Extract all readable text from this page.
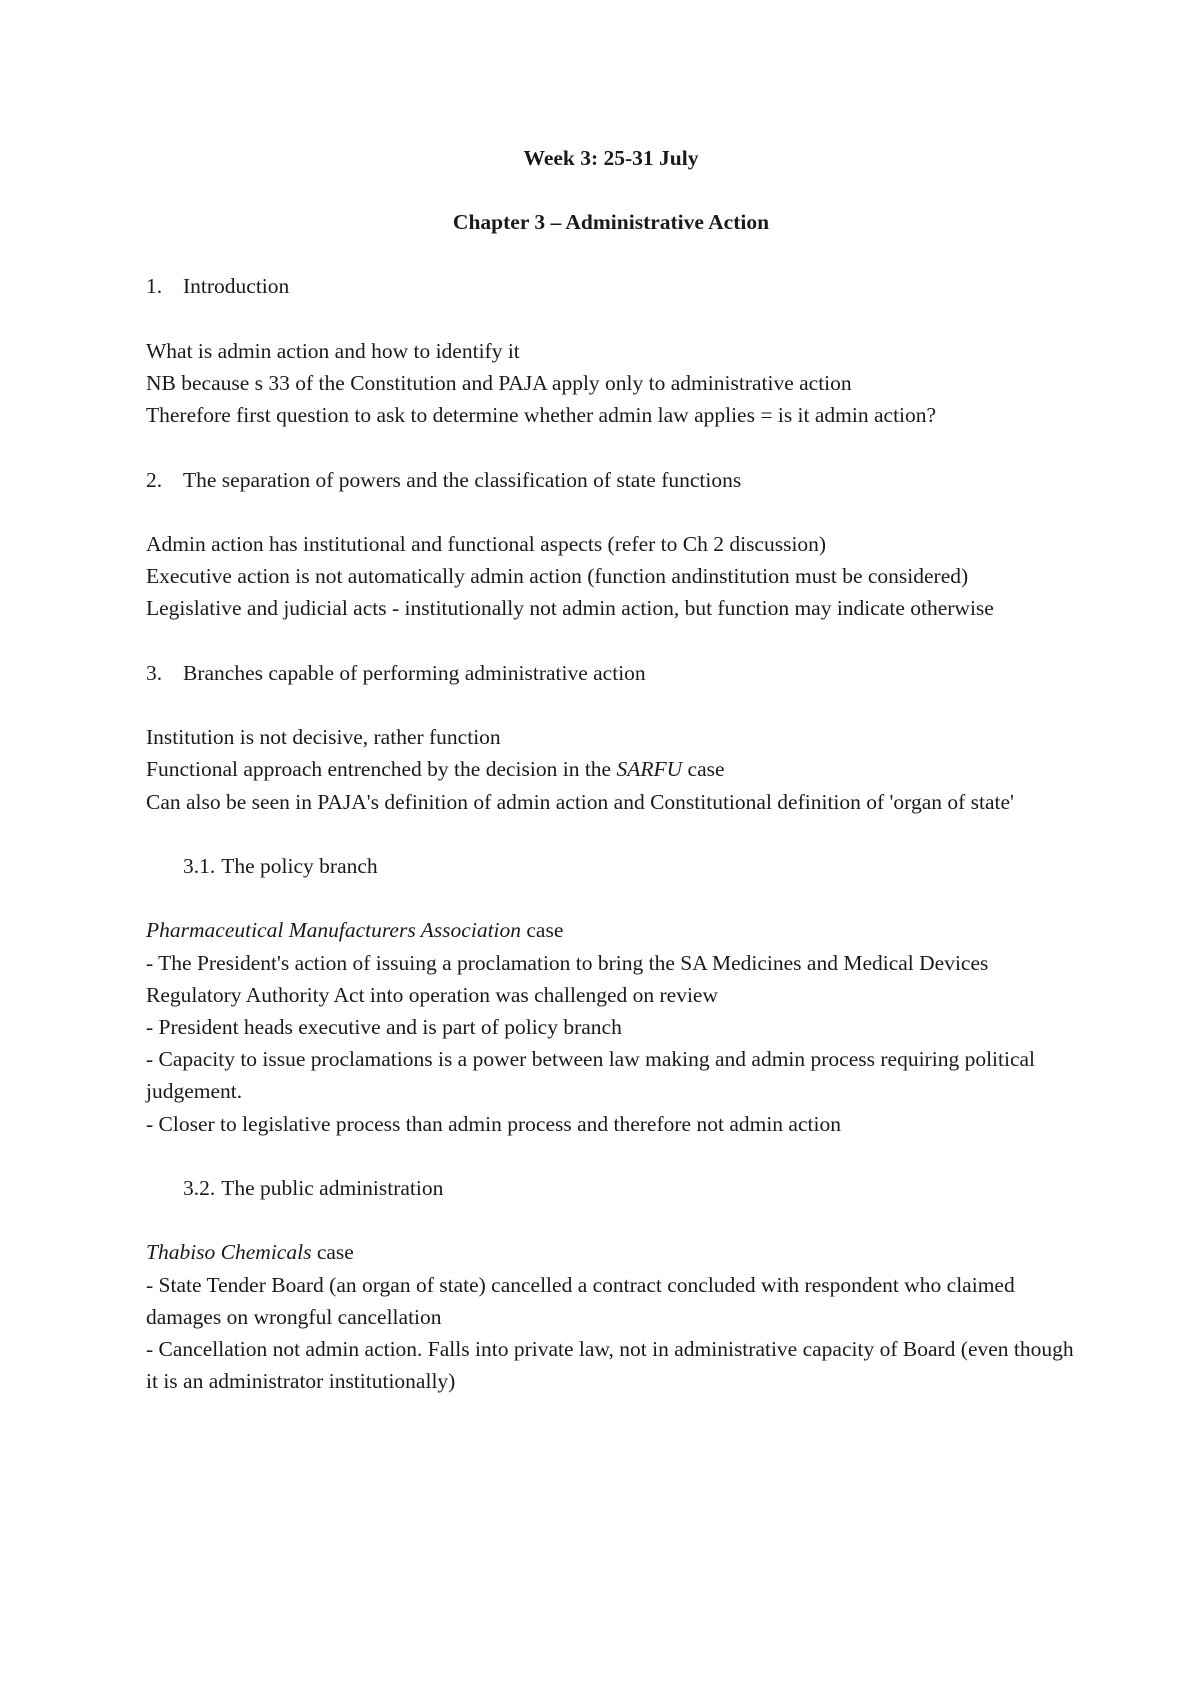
Week 3: 25-31 July

Chapter 3 – Administrative Action

1. Introduction

What is admin action and how to identify it

NB because s 33 of the Constitution and PAJA apply only to administrative action

Therefore first question to ask to determine whether admin law applies = is it admin action?

2. The separation of powers and the classification of state functions

Admin action has institutional and functional aspects (refer to Ch 2 discussion)

Executive action is not automatically admin action (function andinstitution must be considered)

Legislative and judicial acts - institutionally not admin action, but function may indicate otherwise

3. Branches capable of performing administrative action

Institution is not decisive, rather function

Functional approach entrenched by the decision in the SARFU case

Can also be seen in PAJA's definition of admin action and Constitutional definition of 'organ of state'

3.1. The policy branch

Pharmaceutical Manufacturers Association case

- The President's action of issuing a proclamation to bring the SA Medicines and Medical Devices Regulatory Authority Act into operation was challenged on review

- President heads executive and is part of policy branch

- Capacity to issue proclamations is a power between law making and admin process requiring political judgement.

- Closer to legislative process than admin process and therefore not admin action

3.2. The public administration

Thabiso Chemicals case

- State Tender Board (an organ of state) cancelled a contract concluded with respondent who claimed damages on wrongful cancellation

- Cancellation not admin action. Falls into private law, not in administrative capacity of Board (even though it is an administrator institutionally)
